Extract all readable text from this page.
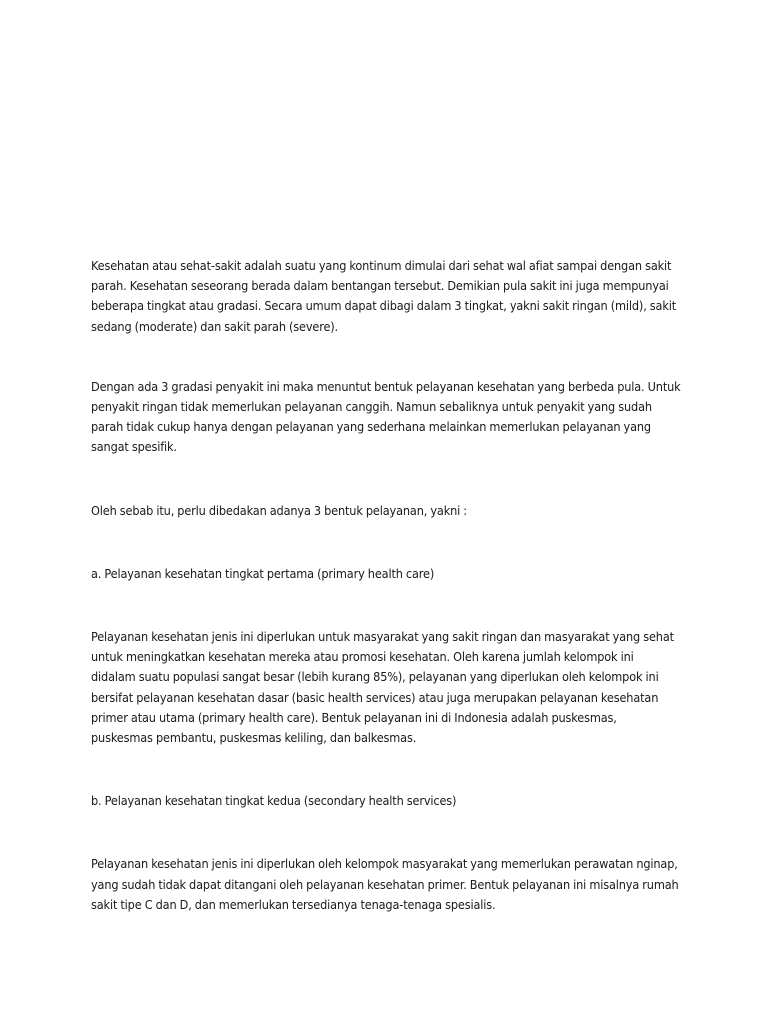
Kesehatan atau sehat-sakit adalah suatu yang kontinum dimulai dari sehat wal afiat sampai dengan sakit parah. Kesehatan seseorang berada dalam bentangan tersebut. Demikian pula sakit ini juga mempunyai beberapa tingkat atau gradasi. Secara umum dapat dibagi dalam 3 tingkat, yakni sakit ringan (mild), sakit sedang (moderate) dan sakit parah (severe).

Dengan ada 3 gradasi penyakit ini maka menuntut bentuk pelayanan kesehatan yang berbeda pula. Untuk penyakit ringan tidak memerlukan pelayanan canggih. Namun sebaliknya untuk penyakit yang sudah parah tidak cukup hanya dengan pelayanan yang sederhana melainkan memerlukan pelayanan yang sangat spesifik.

Oleh sebab itu, perlu dibedakan adanya 3 bentuk pelayanan, yakni :

a. Pelayanan kesehatan tingkat pertama (primary health care)

Pelayanan kesehatan jenis ini diperlukan untuk masyarakat yang sakit ringan dan masyarakat yang sehat untuk meningkatkan kesehatan mereka atau promosi kesehatan. Oleh karena jumlah kelompok ini didalam suatu populasi sangat besar (lebih kurang 85%), pelayanan yang diperlukan oleh kelompok ini bersifat pelayanan kesehatan dasar (basic health services) atau juga merupakan pelayanan kesehatan primer atau utama (primary health care). Bentuk pelayanan ini di Indonesia adalah puskesmas, puskesmas pembantu, puskesmas keliling, dan balkesmas.

b. Pelayanan kesehatan tingkat kedua (secondary health services)

Pelayanan kesehatan jenis ini diperlukan oleh kelompok masyarakat yang memerlukan perawatan nginap, yang sudah tidak dapat ditangani oleh pelayanan kesehatan primer. Bentuk pelayanan ini misalnya rumah sakit tipe C dan D, dan memerlukan tersedianya tenaga-tenaga spesialis.
